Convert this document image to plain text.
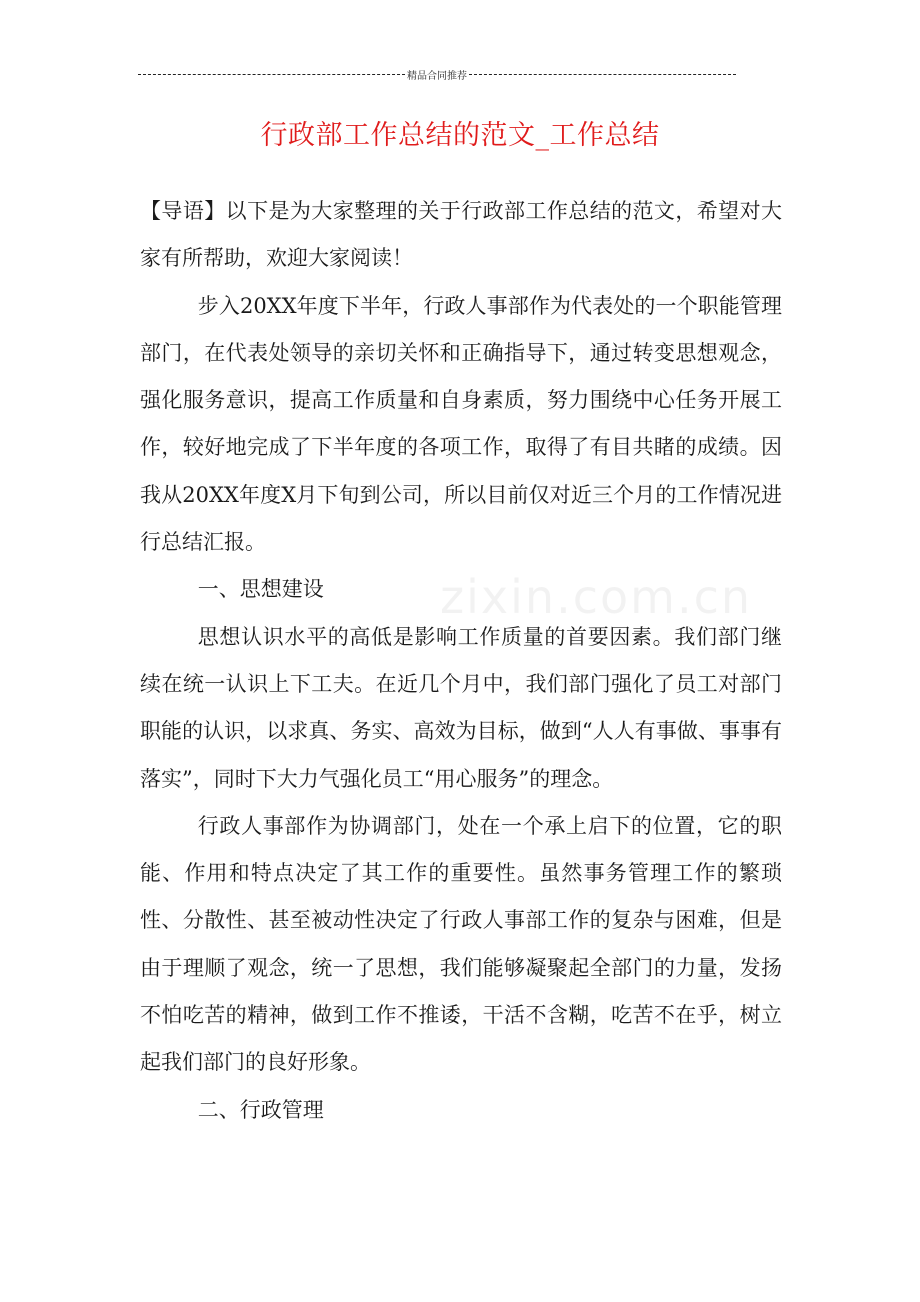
精品合同推荐
行政部工作总结的范文_工作总结
zixin.com.cn

【导语】以下是为大家整理的关于行政部工作总结的范文，希望对大家有所帮助，欢迎大家阅读！

步入20XX年度下半年，行政人事部作为代表处的一个职能管理部门，在代表处领导的亲切关怀和正确指导下，通过转变思想观念，强化服务意识，提高工作质量和自身素质，努力围绕中心任务开展工作，较好地完成了下半年度的各项工作，取得了有目共睹的成绩。因我从20XX年度X月下旬到公司，所以目前仅对近三个月的工作情况进行总结汇报。

一、思想建设

思想认识水平的高低是影响工作质量的首要因素。我们部门继续在统一认识上下工夫。在近几个月中，我们部门强化了员工对部门职能的认识，以求真、务实、高效为目标，做到“人人有事做、事事有落实”，同时下大力气强化员工“用心服务”的理念。

行政人事部作为协调部门，处在一个承上启下的位置，它的职能、作用和特点决定了其工作的重要性。虽然事务管理工作的繁琐性、分散性、甚至被动性决定了行政人事部工作的复杂与困难，但是由于理顺了观念，统一了思想，我们能够凝聚起全部门的力量，发扬不怕吃苦的精神，做到工作不推诿，干活不含糊，吃苦不在乎，树立起我们部门的良好形象。

二、行政管理
